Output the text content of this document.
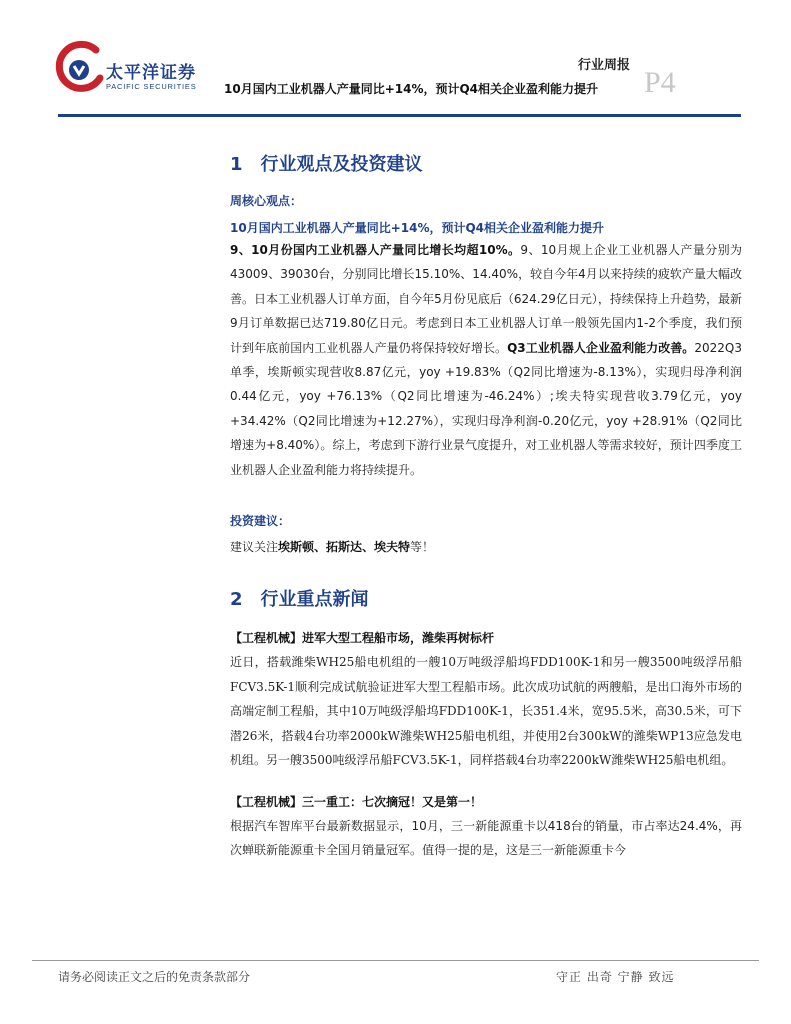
太平洋证券
PACIFIC SECURITIES
行业周报
P4
10月国内工业机器人产量同比+14%，预计Q4相关企业盈利能力提升
1　行业观点及投资建议
周核心观点：
10月国内工业机器人产量同比+14%，预计Q4相关企业盈利能力提升

9、10月份国内工业机器人产量同比增长均超10%。9、10月规上企业工业机器人产量分别为43009、39030台，分别同比增长15.10%、14.40%，较自今年4月以来持续的疲软产量大幅改善。日本工业机器人订单方面，自今年5月份见底后（624.29亿日元），持续保持上升趋势，最新9月订单数据已达719.80亿日元。考虑到日本工业机器人订单一般领先国内1-2个季度，我们预计到年底前国内工业机器人产量仍将保持较好增长。Q3工业机器人企业盈利能力改善。2022Q3单季，埃斯顿实现营收8.87亿元，yoy +19.83%（Q2同比增速为-8.13%），实现归母净利润0.44亿元，yoy +76.13%（Q2同比增速为-46.24%）;埃夫特实现营收3.79亿元，yoy +34.42%（Q2同比增速为+12.27%），实现归母净利润-0.20亿元，yoy +28.91%（Q2同比增速为+8.40%）。综上，考虑到下游行业景气度提升，对工业机器人等需求较好，预计四季度工业机器人企业盈利能力将持续提升。

投资建议：

建议关注埃斯顿、拓斯达、埃夫特等！

2　行业重点新闻

【工程机械】进军大型工程船市场，潍柴再树标杆

近日，搭载潍柴WH25船电机组的一艘10万吨级浮船坞FDD100K-1和另一艘3500吨级浮吊船FCV3.5K-1顺利完成试航验证进军大型工程船市场。此次成功试航的两艘船，是出口海外市场的高端定制工程船，其中10万吨级浮船坞FDD100K-1，长351.4米，宽95.5米，高30.5米，可下潜26米，搭载4台功率2000kW潍柴WH25船电机组，并使用2台300kW的潍柴WP13应急发电机组。另一艘3500吨级浮吊船FCV3.5K-1，同样搭载4台功率2200kW潍柴WH25船电机组。

【工程机械】三一重工：七次摘冠！又是第一！

根据汽车智库平台最新数据显示，10月，三一新能源重卡以418台的销量，市占率达24.4%，再次蝉联新能源重卡全国月销量冠军。值得一提的是，这是三一新能源重卡今

请务必阅读正文之后的免责条款部分	守正 出奇 宁静 致远
